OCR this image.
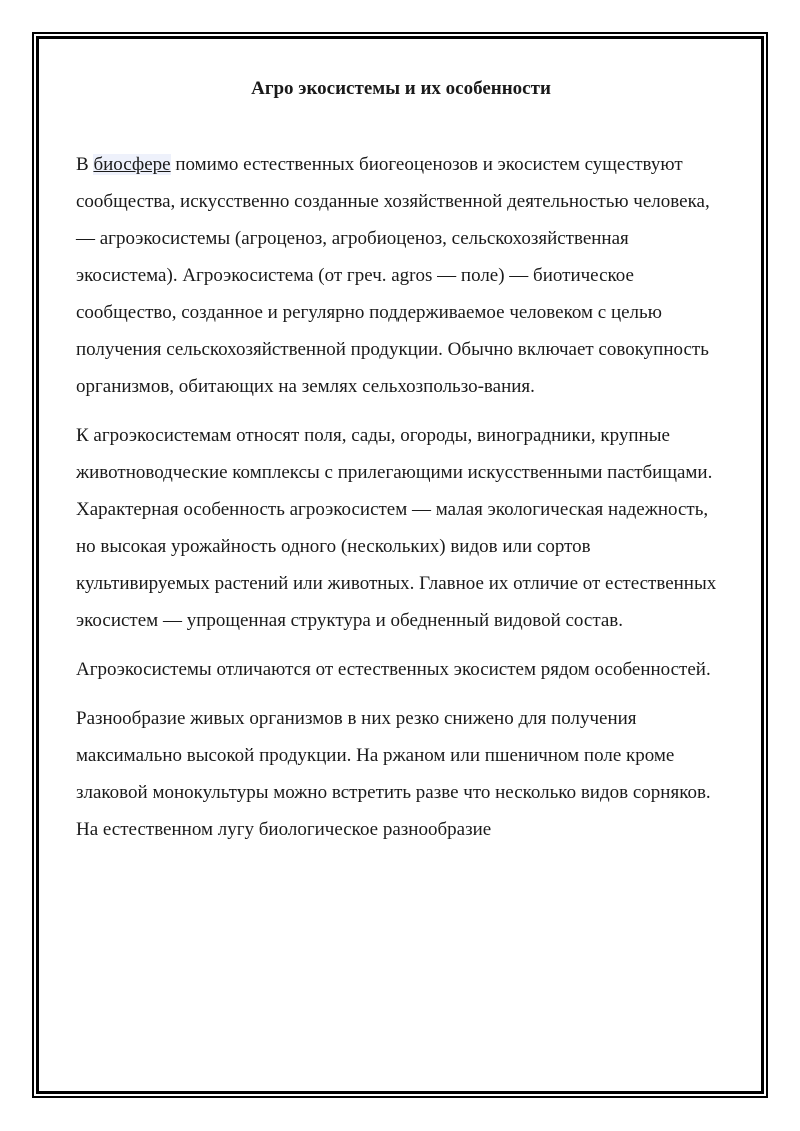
Агро экосистемы и их особенности

В биосфере помимо естественных биогеоценозов и экосистем существуют сообщества, искусственно созданные хозяйственной деятельностью человека, — агроэкосистемы (агроценоз, агробиоценоз, сельскохозяйственная экосистема). Агроэкосистема (от греч. agros — поле) — биотическое сообщество, созданное и регулярно поддерживаемое человеком с целью получения сельскохозяйственной продукции. Обычно включает совокупность организмов, обитающих на землях сельхозпользо-вания.

К агроэкосистемам относят поля, сады, огороды, виноградники, крупные животноводческие комплексы с прилегающими искусственными пастбищами. Характерная особенность агроэкосистем — малая экологическая надежность, но высокая урожайность одного (нескольких) видов или сортов культивируемых растений или животных. Главное их отличие от естественных экосистем — упрощенная структура и обедненный видовой состав.

Агроэкосистемы отличаются от естественных экосистем рядом особенностей.

Разнообразие живых организмов в них резко снижено для получения максимально высокой продукции. На ржаном или пшеничном поле кроме злаковой монокультуры можно встретить разве что несколько видов сорняков. На естественном лугу биологическое разнообразие
